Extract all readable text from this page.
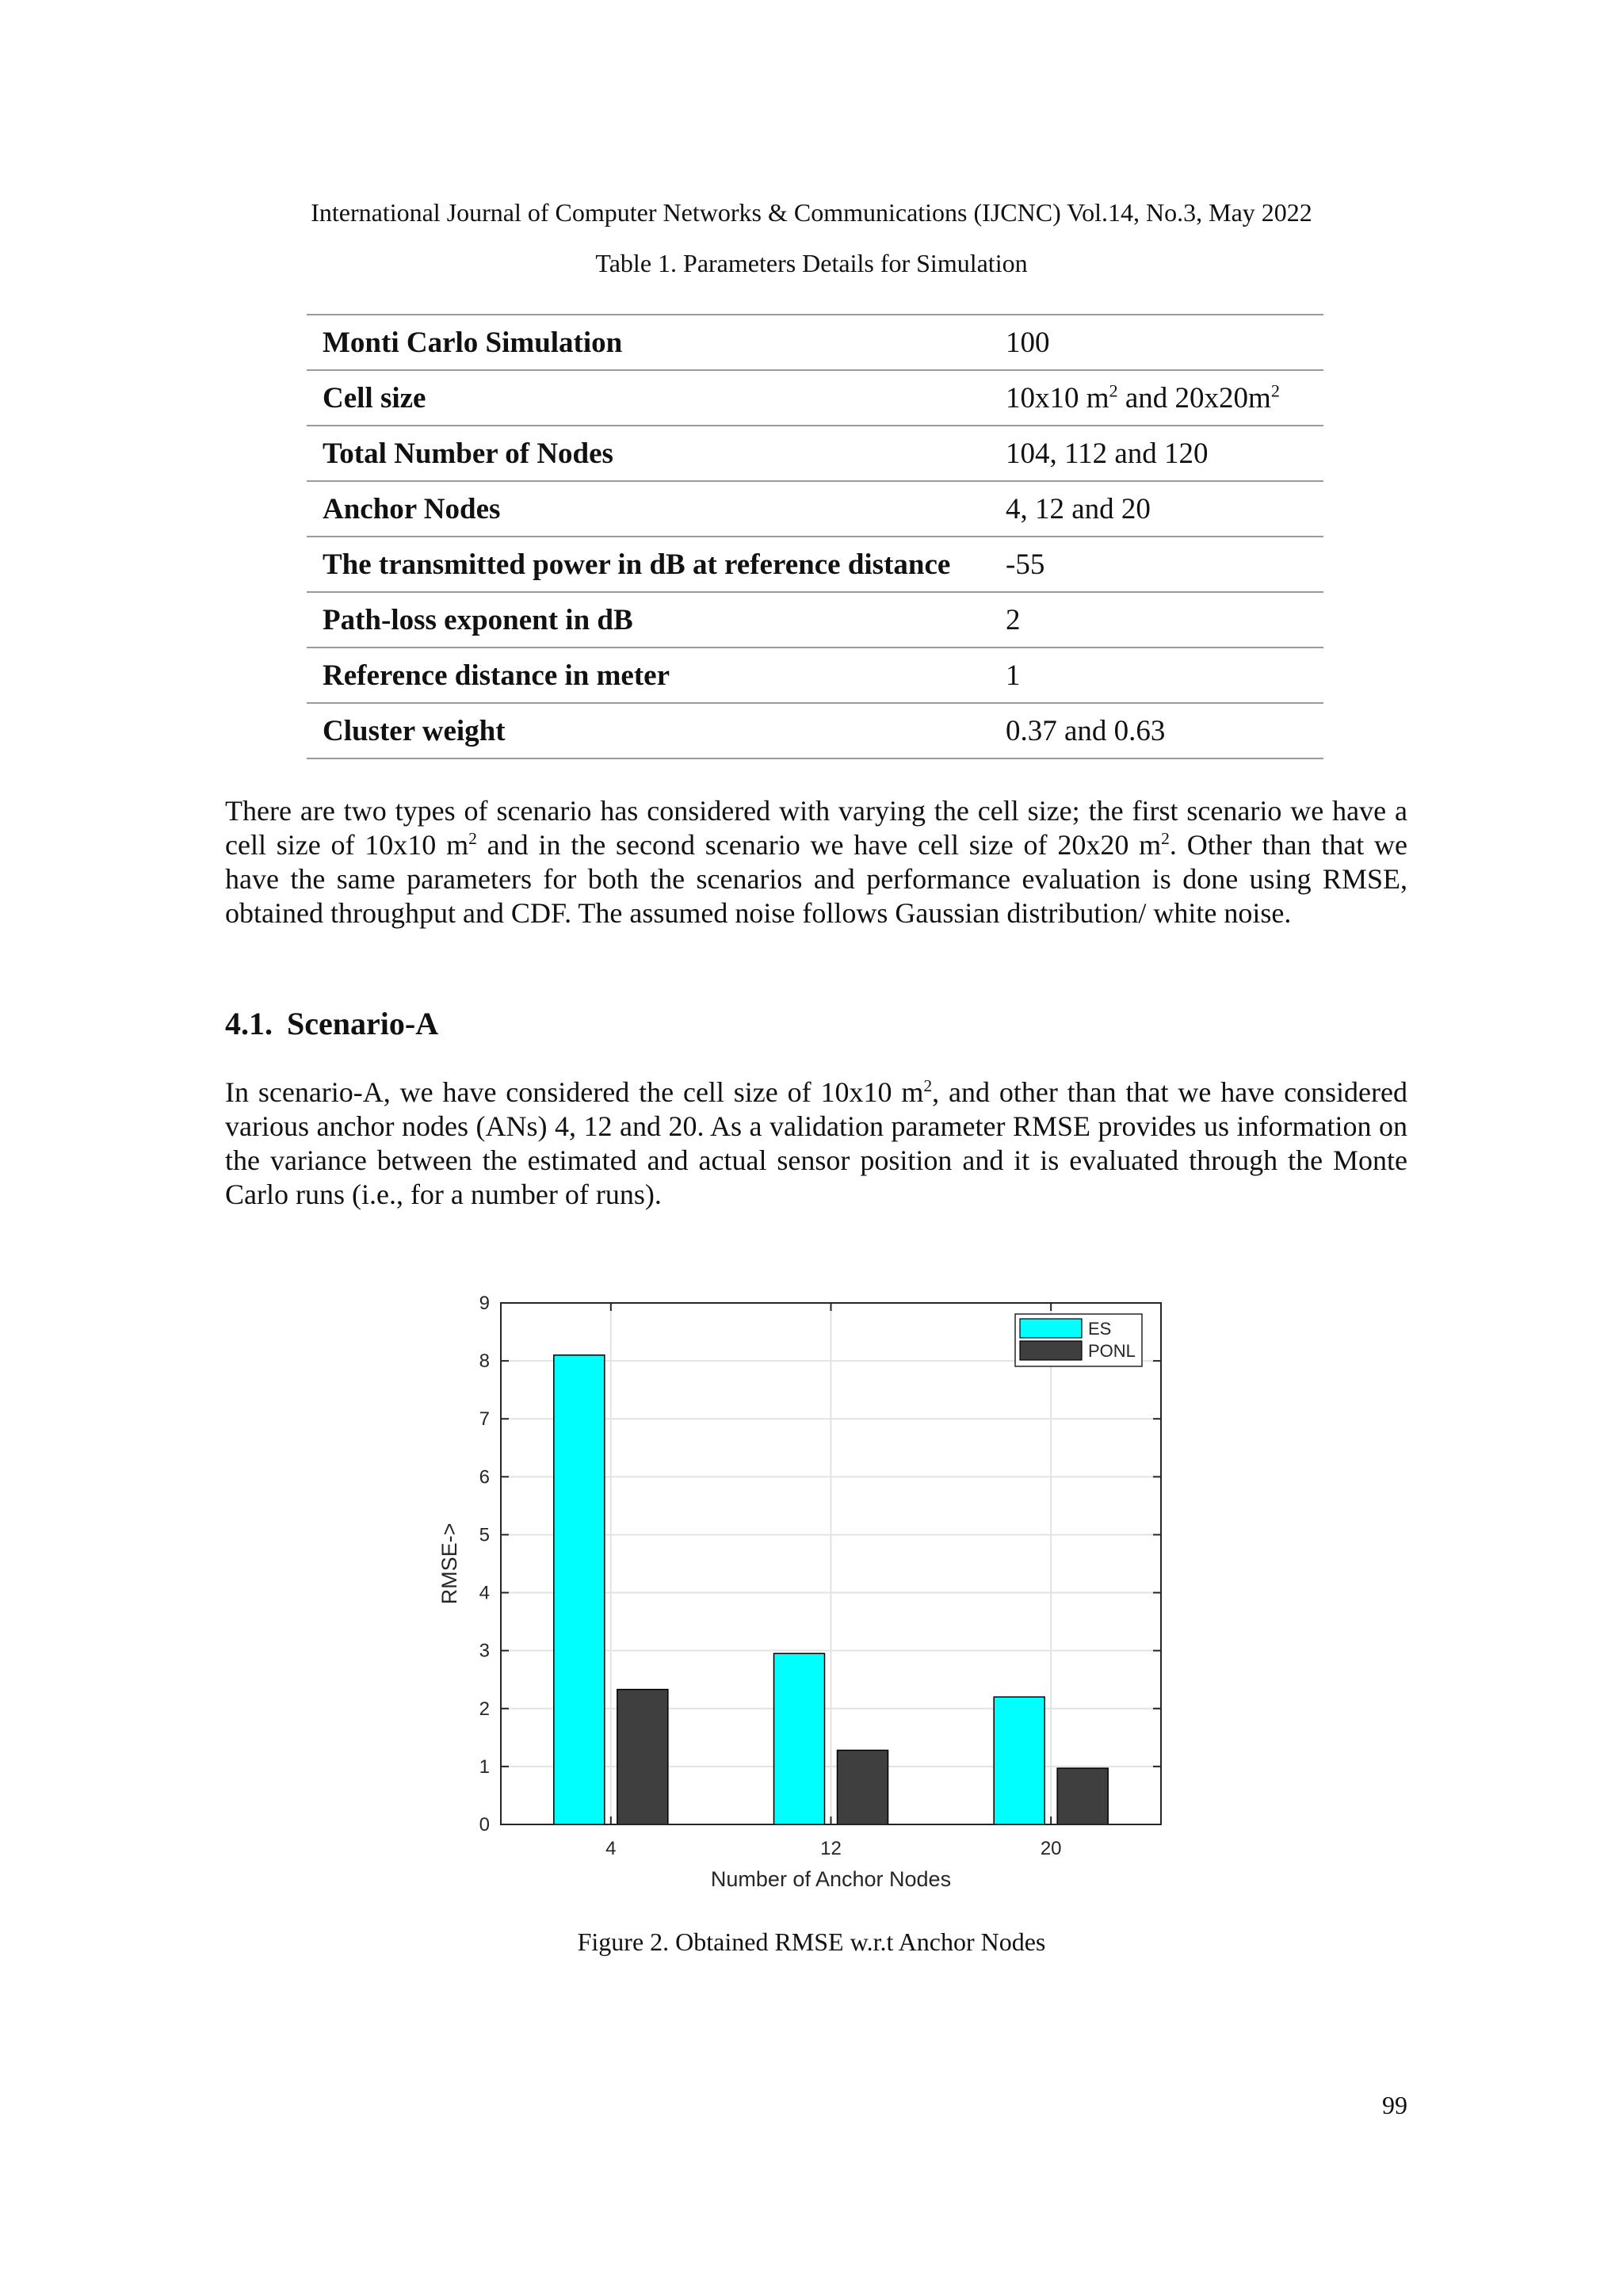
International Journal of Computer Networks & Communications (IJCNC) Vol.14, No.3, May 2022
Table 1. Parameters Details for Simulation
Monti Carlo Simulation	100
Cell size	10x10 $m^2$ and $20x20m^2$
Total Number of Nodes	104, 112 and 120
Anchor Nodes	4, 12 and 20
The transmitted power in dB at reference distance	-55
Path-loss exponent in dB	2
Reference distance in meter	1
Cluster weight	0.37 and 0.63

There are two types of scenario has considered with varying the cell size; the first scenario we have a cell size of 10x10 $m^2$ and in the second scenario we have cell size of 20x20 $m^2$. Other than that we have the same parameters for both the scenarios and performance evaluation is done using RMSE, obtained throughput and CDF. The assumed noise follows Gaussian distribution/ white noise.

4.1. Scenario-A

In scenario-A, we have considered the cell size of 10x10 $m^2$, and other than that we have considered various anchor nodes (ANs) 4, 12 and 20. As a validation parameter RMSE provides us information on the variance between the estimated and actual sensor position and it is evaluated through the Monte Carlo runs (i.e., for a number of runs).

0
1
2
3
4
5
6
7
8
9
4	12	20
Number of Anchor Nodes
RMSE->
ES
PONL
Figure 2. Obtained RMSE w.r.t Anchor Nodes
99
